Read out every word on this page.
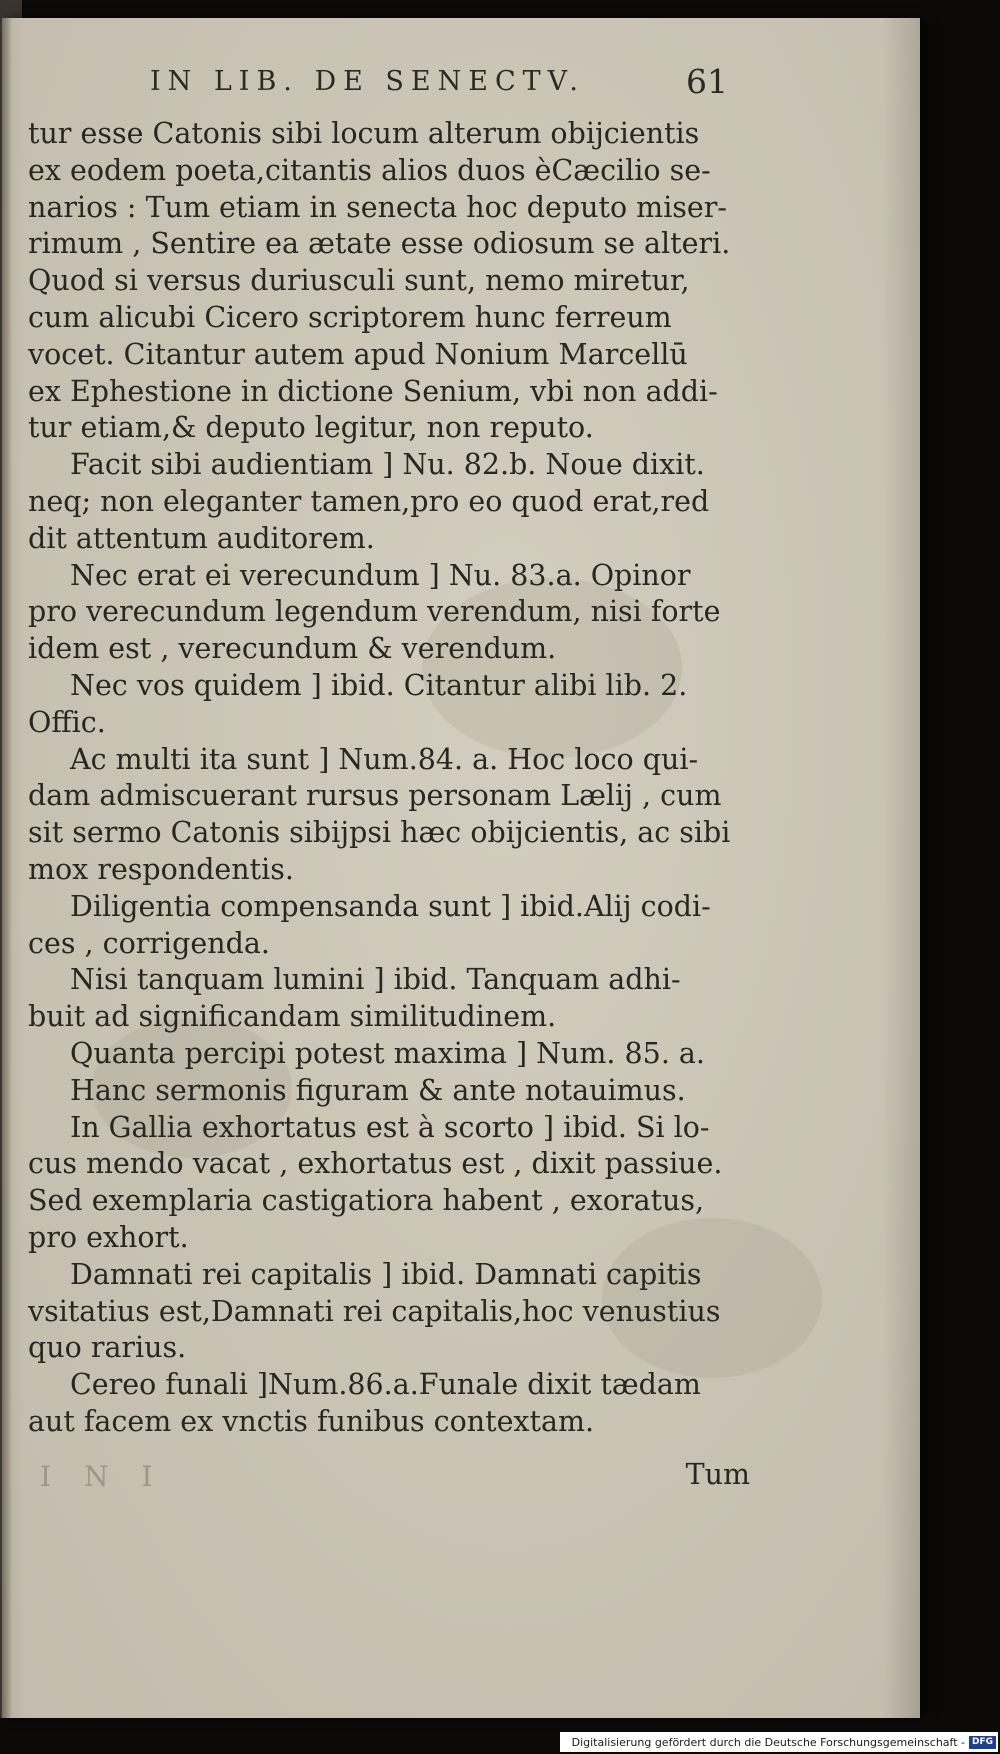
IN LIB. DE SENECTV.	61
tur esse Catonis sibi locum alterum obijcientis
ex eodem poeta,citantis alios duos èCæcilio se-
narios : Tum etiam in senecta hoc deputo miser-
rimum , Sentire ea ætate esse odiosum se alteri.
Quod si versus duriusculi sunt, nemo miretur,
cum alicubi Cicero scriptorem hunc ferreum
vocet. Citantur autem apud Nonium Marcellū
ex Ephestione in dictione Senium, vbi non addi-
tur etiam,& deputo legitur, non reputo.
Facit sibi audientiam ] Nu. 82.b. Noue dixit.
neq; non eleganter tamen,pro eo quod erat,red
dit attentum auditorem.
Nec erat ei verecundum ] Nu. 83.a. Opinor
pro verecundum legendum verendum, nisi forte
idem est , verecundum & verendum.
Nec vos quidem ] ibid. Citantur alibi lib. 2.
Offic.
Ac multi ita sunt ] Num.84. a. Hoc loco qui-
dam admiscuerant rursus personam Lælij , cum
sit sermo Catonis sibijpsi hæc obijcientis, ac sibi
mox respondentis.
Diligentia compensanda sunt ] ibid.Alij codi-
ces , corrigenda.
Nisi tanquam lumini ] ibid. Tanquam adhi-
buit ad significandam similitudinem.
Quanta percipi potest maxima ] Num. 85. a.
Hanc sermonis figuram & ante notauimus.
In Gallia exhortatus est à scorto ] ibid. Si lo-
cus mendo vacat , exhortatus est , dixit passiue.
Sed exemplaria castigatiora habent , exoratus,
pro exhort.
Damnati rei capitalis ] ibid. Damnati capitis
vsitatius est,Damnati rei capitalis,hoc venustius
quo rarius.
Cereo funali ]Num.86.a.Funale dixit tædam
aut facem ex vnctis funibus contextam.
I N I	Tum
Digitalisierung gefördert durch die Deutsche Forschungsgemeinschaft - DFG
